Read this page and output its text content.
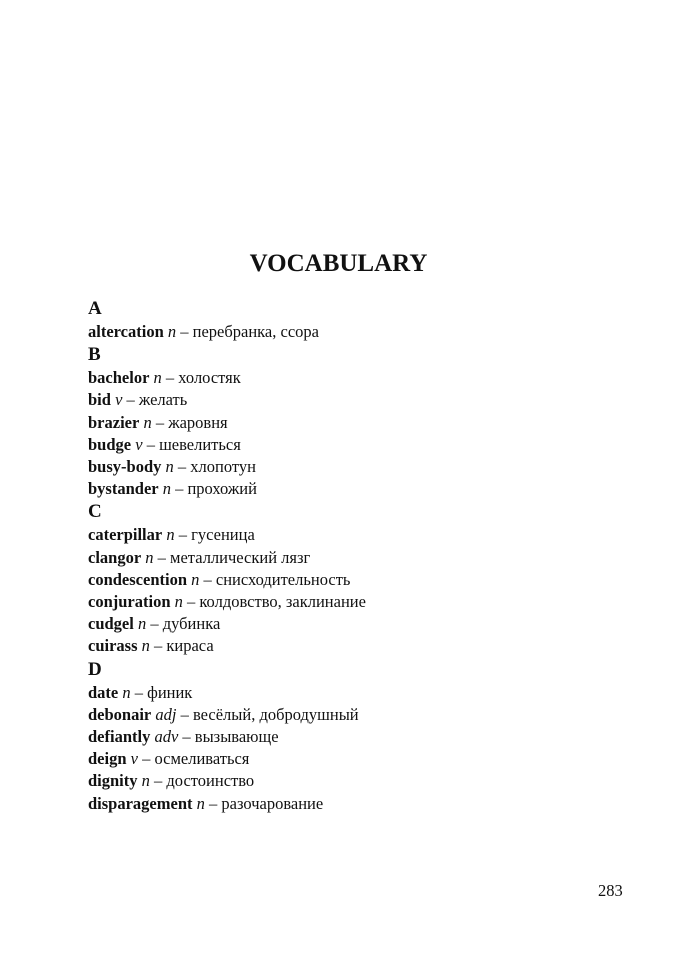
VOCABULARY
A
altercation n – перебранка, ссора
B
bachelor n – холостяк
bid v – желать
brazier n – жаровня
budge v – шевелиться
busy-body n – хлопотун
bystander n – прохожий
C
caterpillar n – гусеница
clangor n – металлический лязг
condescention n – снисходительность
conjuration n – колдовство, заклинание
cudgel n – дубинка
cuirass n – кираса
D
date n – финик
debonair adj – весёлый, добродушный
defiantly adv – вызывающе
deign v – осмеливаться
dignity n – достоинство
disparagement n – разочарование
283
